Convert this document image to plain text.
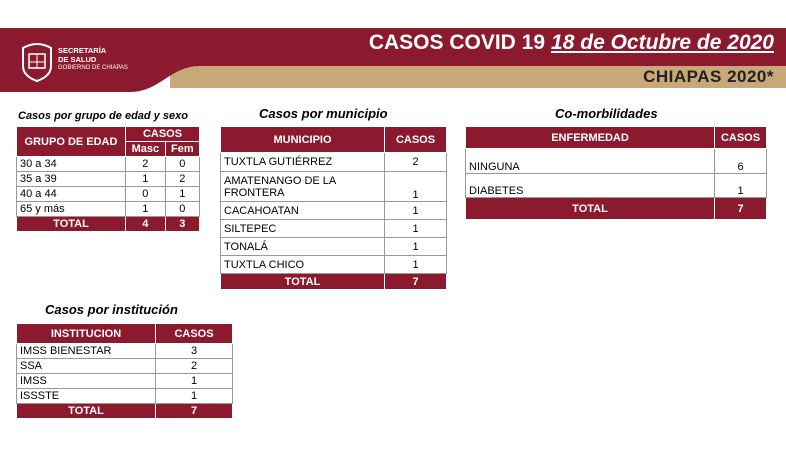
SECRETARÍA
DE SALUD
GOBIERNO DE CHIAPAS
CASOS COVID 19 18 de Octubre de 2020
CHIAPAS 2020*
Casos por grupo de edad y sexo
GRUPO DE EDAD	CASOS	
	Masc	Fem
30 a 34	2	0
35 a 39	1	2
40 a 44	0	1
65 y más	1	0
TOTAL	4	3
Casos por municipio
MUNICIPIO	CASOS
TUXTLA GUTIÉRREZ	2
AMATENANGO DE LA FRONTERA	1
CACAHOATAN	1
SILTEPEC	1
TONALÁ	1
TUXTLA CHICO	1
TOTAL	7
Co-morbilidades
ENFERMEDAD	CASOS
NINGUNA	6
DIABETES	1
TOTAL	7
Casos por institución
INSTITUCION	CASOS
IMSS BIENESTAR	3
SSA	2
IMSS	1
ISSSTE	1
TOTAL	7
